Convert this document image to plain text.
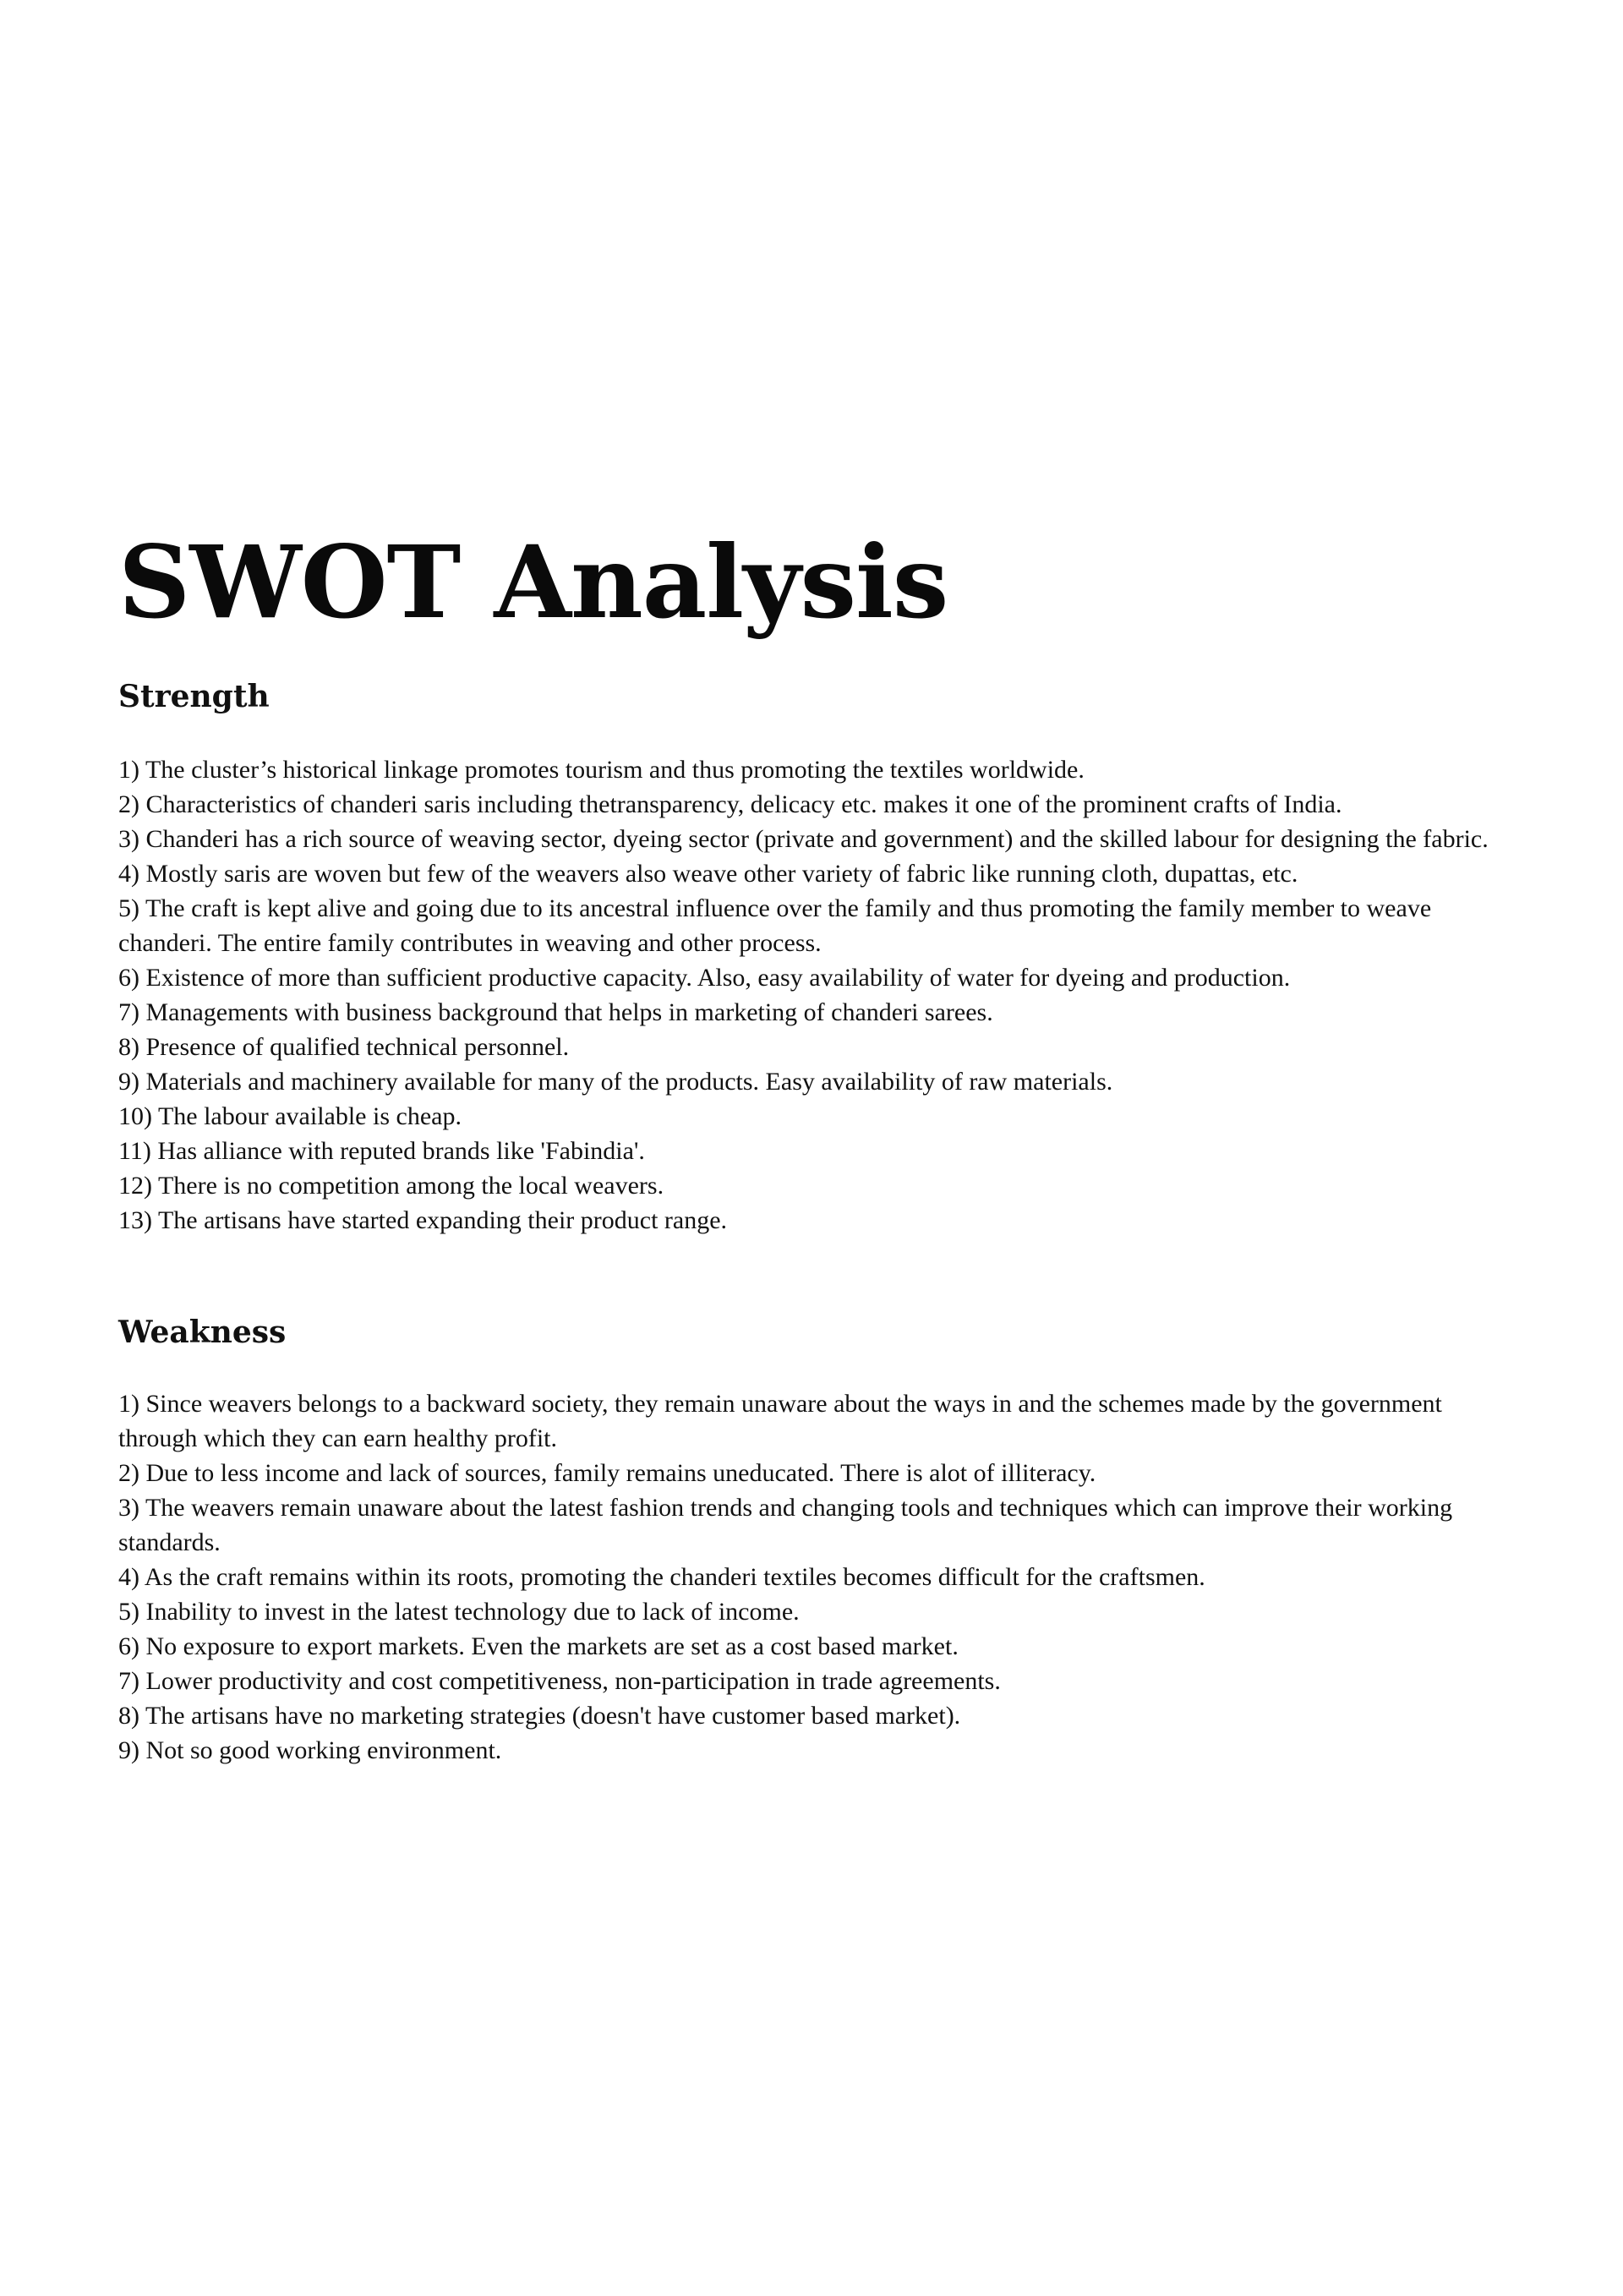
SWOT Analysis
Strength
1) The cluster’s historical linkage promotes tourism and thus promoting the textiles worldwide.
2) Characteristics of chanderi saris including thetransparency, delicacy etc. makes it one of the prominent crafts of India.
3) Chanderi has a rich source of weaving sector, dyeing sector (private and government) and the skilled labour for designing the fabric.
4) Mostly saris are woven but few of the weavers also weave other variety of fabric like running cloth, dupattas, etc.
5) The craft is kept alive and going due to its ancestral influence over the family and thus promoting the family member to weave chanderi. The entire family contributes in weaving and other process.
6) Existence of more than sufficient productive capacity. Also, easy availability of water for dyeing and production.
7) Managements with business background that helps in marketing of chanderi sarees.
8) Presence of qualified technical personnel.
9) Materials and machinery available for many of the products. Easy availability of raw materials.
10) The labour available is cheap.
11) Has alliance with reputed brands like 'Fabindia'.
12) There is no competition among the local weavers.
13) The artisans have started expanding their product range.
Weakness
1) Since weavers belongs to a backward society, they remain unaware about the ways in and the schemes made by the government through which they can earn healthy profit.
2) Due to less income and lack of sources, family remains uneducated. There is alot of illiteracy.
3) The weavers remain unaware about the latest fashion trends and changing tools and techniques which can improve their working standards.
4) As the craft remains within its roots, promoting the chanderi textiles becomes difficult for the craftsmen.
5) Inability to invest in the latest technology due to lack of income.
6) No exposure to export markets. Even the markets are set as a cost based market.
7) Lower productivity and cost competitiveness, non-participation in trade agreements.
8) The artisans have no marketing strategies (doesn't have customer based market).
9) Not so good working environment.
